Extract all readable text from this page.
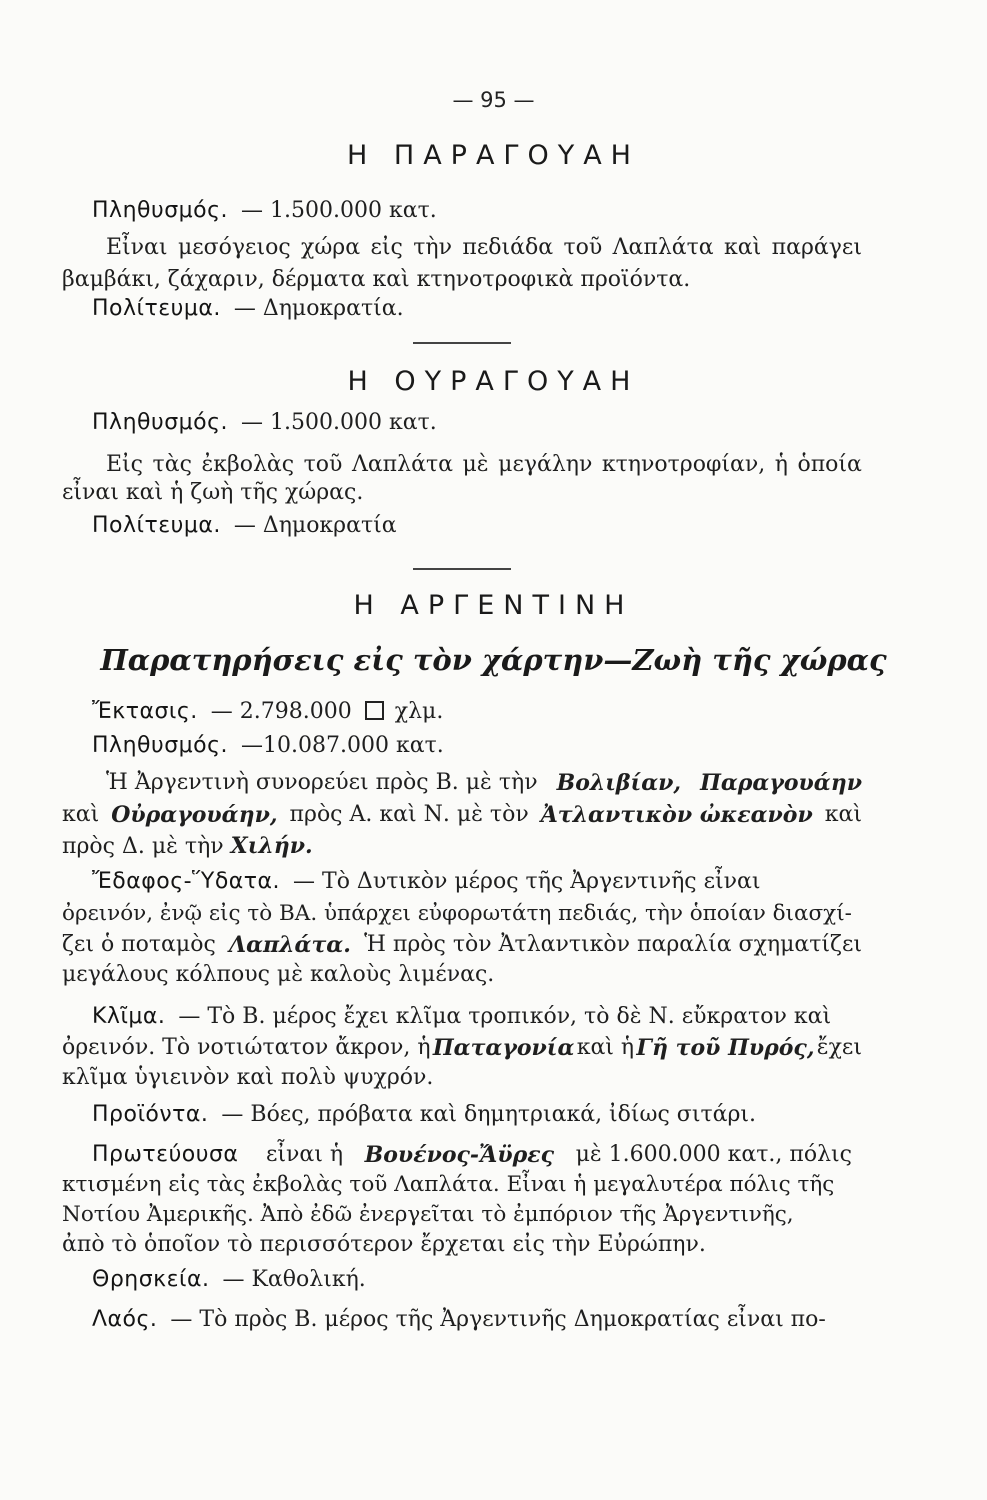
— 95 —
Η ΠΑΡΑΓΟΥΑΗ
Πληθυσμός. — 1.500.000 κατ.
Εἶναι μεσόγειος χώρα εἰς τὴν πεδιάδα τοῦ Λαπλάτα καὶ παράγει
βαμβάκι, ζάχαριν, δέρματα καὶ κτηνοτροφικὰ προϊόντα.
Πολίτευμα. — Δημοκρατία.
Η ΟΥΡΑΓΟΥΑΗ
Πληθυσμός. — 1.500.000 κατ.
Εἰς τὰς ἐκβολὰς τοῦ Λαπλάτα μὲ μεγάλην κτηνοτροφίαν, ἡ ὁποία
εἶναι καὶ ἡ ζωὴ τῆς χώρας.
Πολίτευμα. — Δημοκρατία
Η ΑΡΓΕΝΤΙΝΗ
Παρατηρήσεις εἰς τὸν χάρτην—Ζωὴ τῆς χώρας
Ἔκτασις. — 2.798.000 χλμ.
Πληθυσμός. —10.087.000 κατ.
Ἡ Ἀργεντινὴ συνορεύει πρὸς Β. μὲ τὴν Βολιβίαν, Παραγουάην
καὶ Οὐραγουάην, πρὸς Α. καὶ Ν. μὲ τὸν Ἀτλαντικὸν ὠκεανὸν καὶ
πρὸς Δ. μὲ τὴν Χιλήν.
Ἔδαφος-Ὕδατα. — Τὸ Δυτικὸν μέρος τῆς Ἀργεντινῆς εἶναι
ὀρεινόν, ἐνῷ εἰς τὸ ΒΑ. ὑπάρχει εὐφορωτάτη πεδιάς, τὴν ὁποίαν διασχί-
ζει ὁ ποταμὸς Λαπλάτα. Ἡ πρὸς τὸν Ἀτλαντικὸν παραλία σχηματίζει
μεγάλους κόλπους μὲ καλοὺς λιμένας.
Κλῖμα. — Τὸ Β. μέρος ἔχει κλῖμα τροπικόν, τὸ δὲ Ν. εὔκρατον καὶ
ὀρεινόν. Τὸ νοτιώτατον ἄκρον, ἡ Παταγονία καὶ ἡ Γῆ τοῦ Πυρός, ἔχει
κλῖμα ὑγιεινὸν καὶ πολὺ ψυχρόν.
Προϊόντα. — Βόες, πρόβατα καὶ δημητριακά, ἰδίως σιτάρι.
Πρωτεύουσα εἶναι ἡ Βουένος-Ἄϋρες μὲ 1.600.000 κατ., πόλις
κτισμένη εἰς τὰς ἐκβολὰς τοῦ Λαπλάτα. Εἶναι ἡ μεγαλυτέρα πόλις τῆς
Νοτίου Ἀμερικῆς. Ἀπὸ ἐδῶ ἐνεργεῖται τὸ ἐμπόριον τῆς Ἀργεντινῆς,
ἀπὸ τὸ ὁποῖον τὸ περισσότερον ἔρχεται εἰς τὴν Εὐρώπην.
Θρησκεία. — Καθολική.
Λαός. — Τὸ πρὸς Β. μέρος τῆς Ἀργεντινῆς Δημοκρατίας εἶναι πο-
